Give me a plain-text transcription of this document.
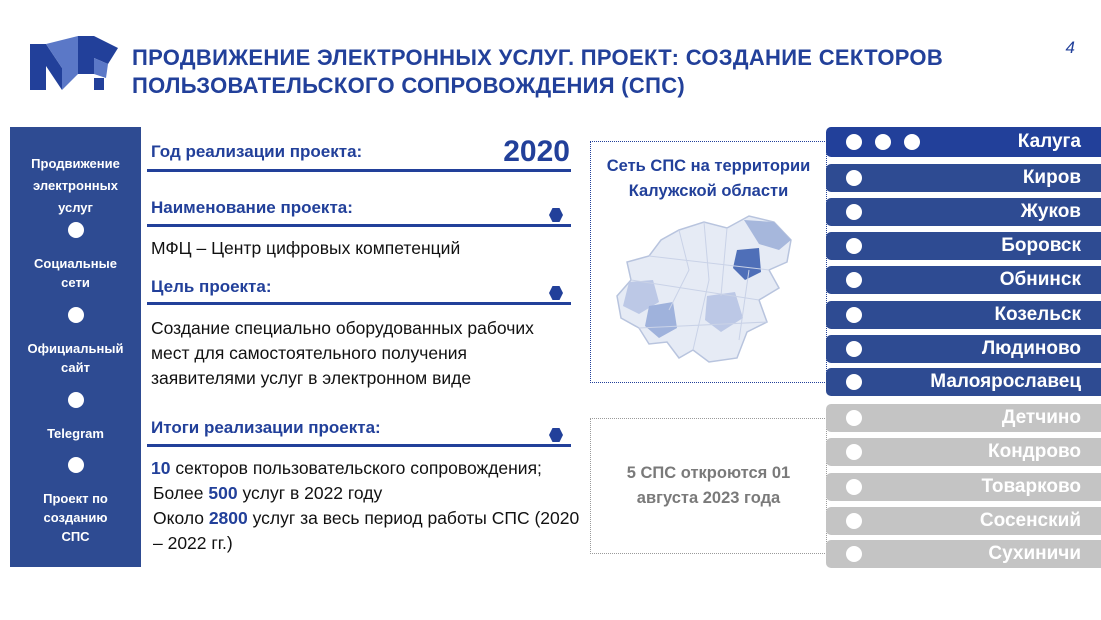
ПРОДВИЖЕНИЕ ЭЛЕКТРОННЫХ УСЛУГ. ПРОЕКТ: СОЗДАНИЕ СЕКТОРОВ
ПОЛЬЗОВАТЕЛЬСКОГО СОПРОВОЖДЕНИЯ (СПС)
4
Продвижение электронных услуг
Социальные сети
Официальный сайт
Telegram
Проект по созданию СПС
Год реализации проекта:	2020
Наименование проекта:
МФЦ – Центр цифровых компетенций
Цель проекта:
Создание специально оборудованных рабочих мест для самостоятельного получения заявителями услуг в электронном виде
Итоги реализации проекта:
10 секторов пользовательского сопровождения;
Более 500 услуг в 2022 году
Около 2800 услуг за весь период работы СПС (2020 – 2022 гг.)
Сеть СПС на территории Калужской области
5 СПС откроются 01 августа 2023 года
Калуга
Киров
Жуков
Боровск
Обнинск
Козельск
Людиново
Малоярославец
Детчино
Кондрово
Товарково
Сосенский
Сухиничи
